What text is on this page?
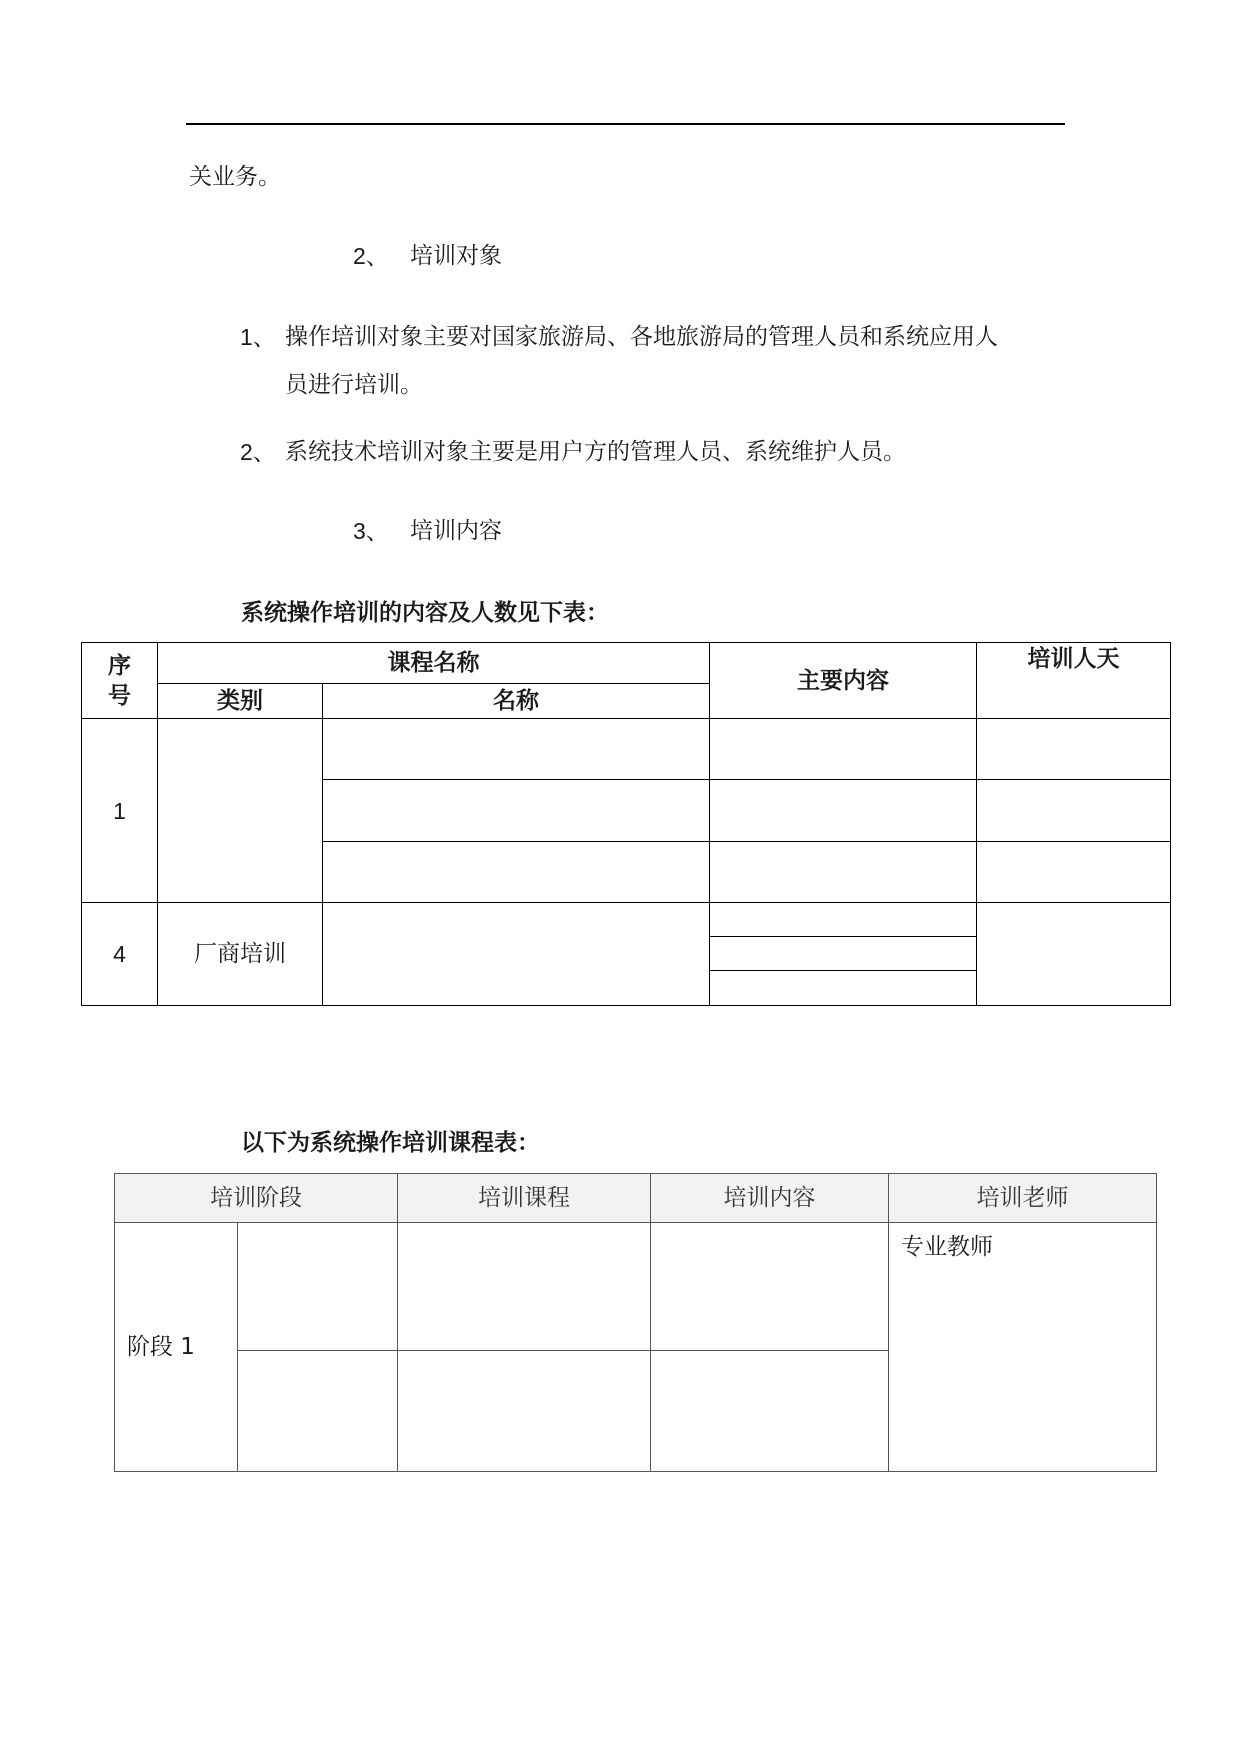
关业务。
2、 培训对象
1、 操作培训对象主要对国家旅游局、各地旅游局的管理人员和系统应用人
员进行培训。
2、 系统技术培训对象主要是用户方的管理人员、系统维护人员。
3、 培训内容
系统操作培训的内容及人数见下表：
序
号	课程名称		主要内容	培训人天
	类别	名称		
1				

4	厂商培训			

以下为系统操作培训课程表：
培训阶段		培训课程	培训内容	培训老师
阶段 1				专业教师
